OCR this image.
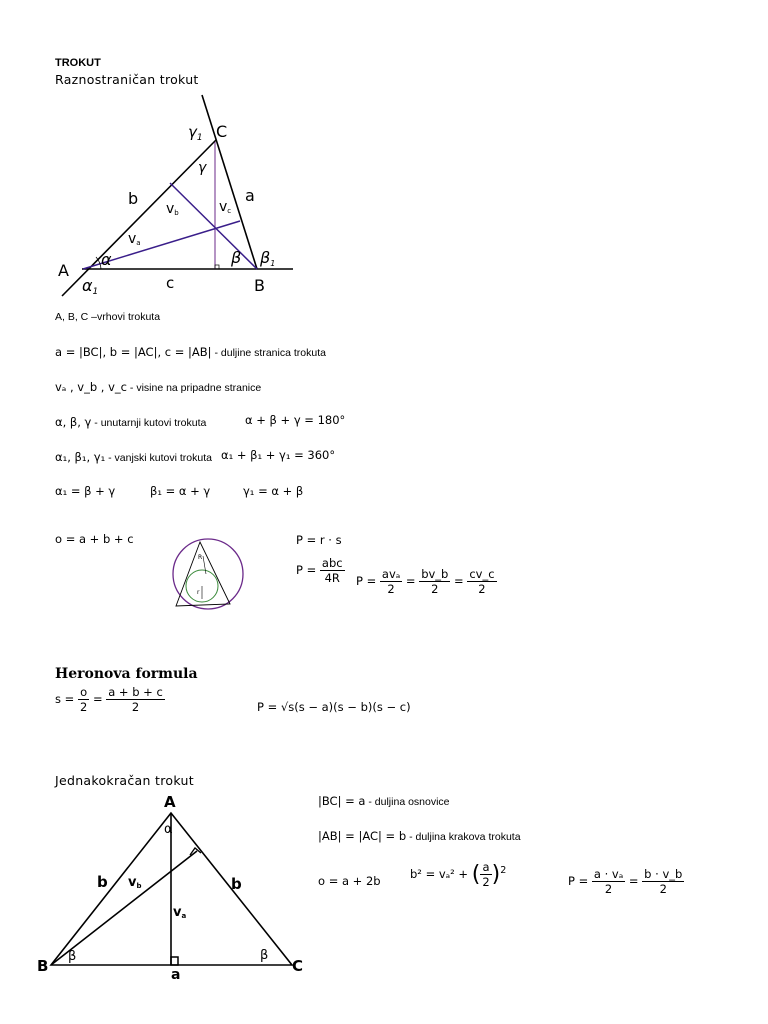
TROKUT
Raznostraničan trokut
$\gamma_1$ C
γ
b	a
vb	vc
va
α	β β1
A
α1	c	B
A, B, C –vrhovi trokuta
a = |BC|, b = |AC|, c = |AB| - duljine stranica trokuta
vₐ , v_b , v_c - visine na pripadne stranice
α, β, γ - unutarnji kutovi trokuta	α + β + γ = 180°
α₁, β₁, γ₁ - vanjski kutovi trokuta α₁ + β₁ + γ₁ = 360°
α₁ = β + γ	β₁ = α + γ	γ₁ = α + β
o = a + b + c
R
r
P = r · s
$P = \frac{\text{abc}}{4R}$ $P = \frac{\text{avₐ}}{2} = \frac{bv\_b}{2} = \frac{cv\_c}{2}$
Heronova formula
$s = \frac{o}{2} = \frac{a + b + c}{2}$	P = √s(s − a)(s − b)(s − c)
Jednakokračan trokut
A
α
b	b
vb
va
β	β
B	C
a
|BC| = a - duljina osnovice
|AB| = |AC| = b - duljina krakova trokuta
o = a + 2b	b² = vₐ² + ( $\frac{a}{2} )^2$
$P = \frac{\text{a · vₐ}}{2} = \frac{b \cdot v\_b}{2}$
